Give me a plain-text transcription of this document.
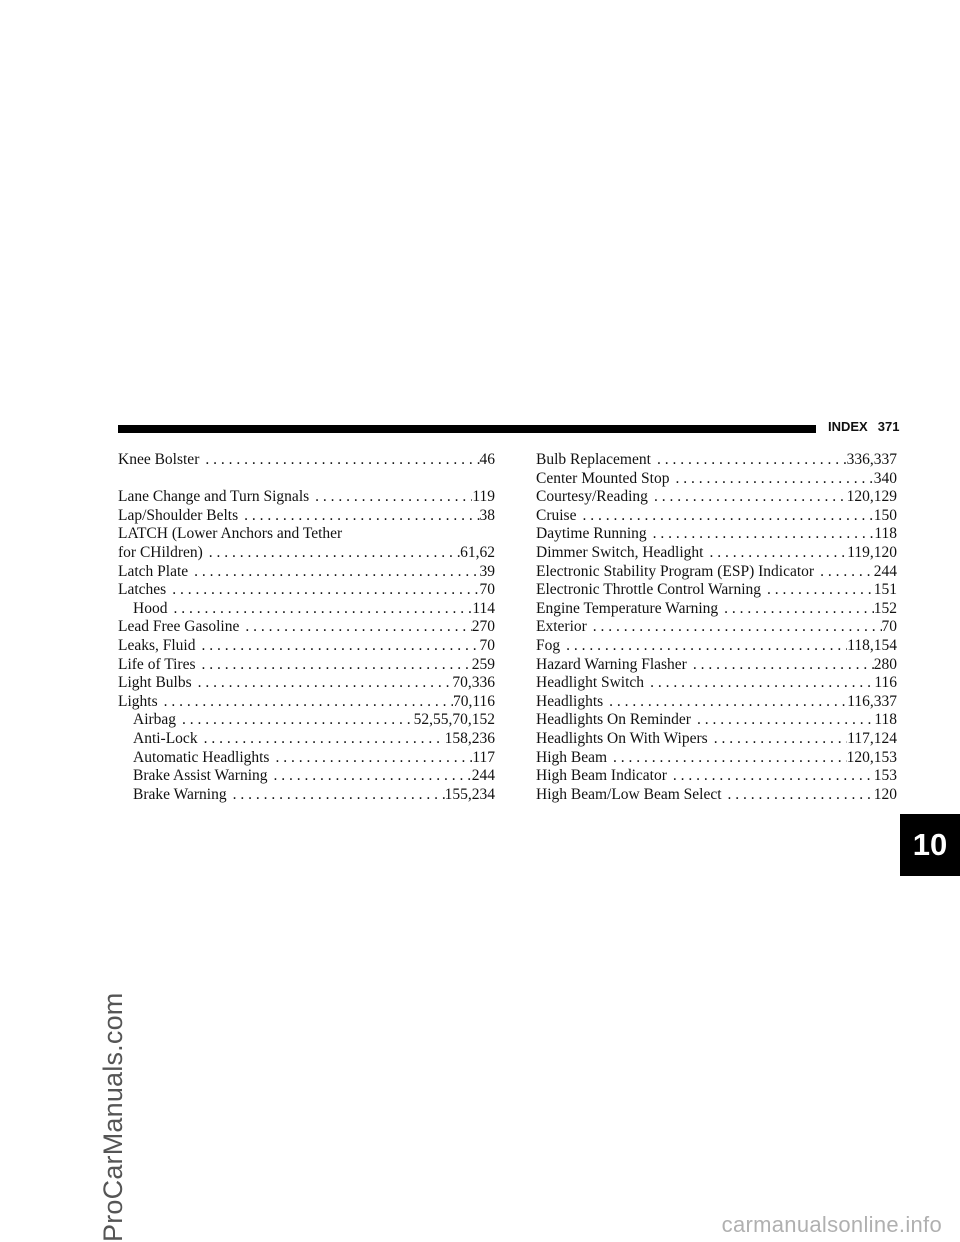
ProCarManuals.com
INDEX 371
Knee Bolster . . .	46
Lane Change and Turn Signals . . .	119
Lap/Shoulder Belts . . .	38
LATCH (Lower Anchors and Tether
for CHildren) . . .	61,62
Latch Plate . . .	39
Latches . . .	70
Hood . . .	114
Lead Free Gasoline . . .	270
Leaks, Fluid . . .	70
Life of Tires . . .	259
Light Bulbs . . .	70,336
Lights . . .	70,116
Airbag . . .	52,55,70,152
Anti-Lock . . .	158,236
Automatic Headlights . . .	117
Brake Assist Warning . . .	244
Brake Warning . . .	155,234
Bulb Replacement . . .	336,337
Center Mounted Stop . . .	340
Courtesy/Reading . . .	120,129
Cruise . . .	150
Daytime Running . . .	118
Dimmer Switch, Headlight . . .	119,120
Electronic Stability Program (ESP) Indicator . . .	244
Electronic Throttle Control Warning . . .	151
Engine Temperature Warning . . .	152
Exterior . . .	70
Fog . . .	118,154
Hazard Warning Flasher . . .	280
Headlight Switch . . .	116
Headlights . . .	116,337
Headlights On Reminder . . .	118
Headlights On With Wipers . . .	117,124
High Beam . . .	120,153
High Beam Indicator . . .	153
High Beam/Low Beam Select . . .	120
10
carmanualsonline.info
